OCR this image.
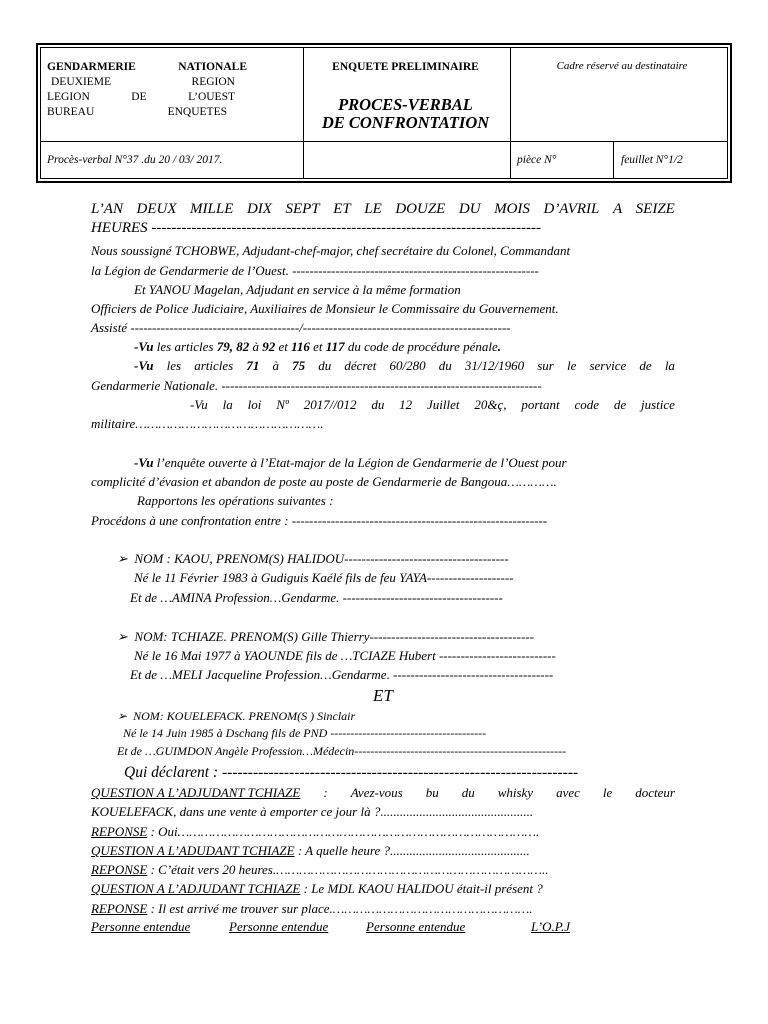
GENDARMERIE	NATIONALE
DEUXIEME	REGION
LEGION	DE	L’OUEST
BUREAU	ENQUETES
ENQUETE PRELIMINAIRE
PROCES-VERBAL
DE CONFRONTATION
Cadre réservé au destinataire
Procès-verbal N°37 .du 20 / 03/ 2017.	pièce N°	feuillet N°1/2
L’AN DEUX MILLE DIX SEPT ET LE DOUZE DU MOIS D’AVRIL A SEIZE
HEURES ------------------------------------------------------------------------------
Nous soussigné TCHOBWE, Adjudant-chef-major, chef secrétaire du Colonel, Commandant
la Légion de Gendarmerie de l’Ouest. ---------------------------------------------------------
Et YANOU Magelan, Adjudant en service à la même formation
Officiers de Police Judiciaire, Auxiliaires de Monsieur le Commissaire du Gouvernement.
Assisté ---------------------------------------/------------------------------------------------
-Vu les articles 79, 82 à 92 et 116 et 117 du code de procédure pénale.
-Vu les articles 71 à 75 du décret 60/280 du 31/12/1960 sur le service de la
Gendarmerie Nationale. --------------------------------------------------------------------------
-Vu la loi Nº 2017//012 du 12 Juillet 20&ç, portant code de justice
militaire………………………………………….
-Vu l’enquête ouverte à l’Etat-major de la Légion de Gendarmerie de l’Ouest pour
complicité d’évasion et abandon de poste au poste de Gendarmerie de Bangoua………….
Rapportons les opérations suivantes :
Procédons à une confrontation entre : -----------------------------------------------------------
➢ NOM : KAOU, PRENOM(S) HALIDOU--------------------------------------
Né le 11 Février 1983 à Gudiguis Kaélé fils de feu YAYA--------------------
Et de …AMINA Profession…Gendarme. -------------------------------------
➢ NOM: TCHIAZE. PRENOM(S) Gille Thierry--------------------------------------
Né le 16 Mai 1977 à YAOUNDE fils de …TCIAZE Hubert ---------------------------
Et de …MELI Jacqueline Profession…Gendarme. -------------------------------------
ET
➢ NOM: KOUELEFACK. PRENOM(S ) Sinclair
Né le 14 Juin 1985 à Dschang fils de PND ---------------------------------------
Et de …GUIMDON Angèle Profession…Médecin-----------------------------------------------------
Qui déclarent : ---------------------------------------------------------------------
QUESTION A L’ADJUDANT TCHIAZE : Avez-vous bu du whisky avec le docteur
KOUELEFACK, dans une vente à emporter ce jour là ?...............................................
REPONSE : Oui………………………………………………………………………………….
QUESTION A L’ADUDANT TCHIAZE : A quelle heure ?...........................................
REPONSE : C’était vers 20 heures.……………………………………………………………..
QUESTION A L’ADJUDANT TCHIAZE : Le MDL KAOU HALIDOU était-il présent ?
REPONSE : Il est arrivé me trouver sur place.…………………………………………….
Personne entendue	Personne entendue	Personne entendue	L’O.P.J
